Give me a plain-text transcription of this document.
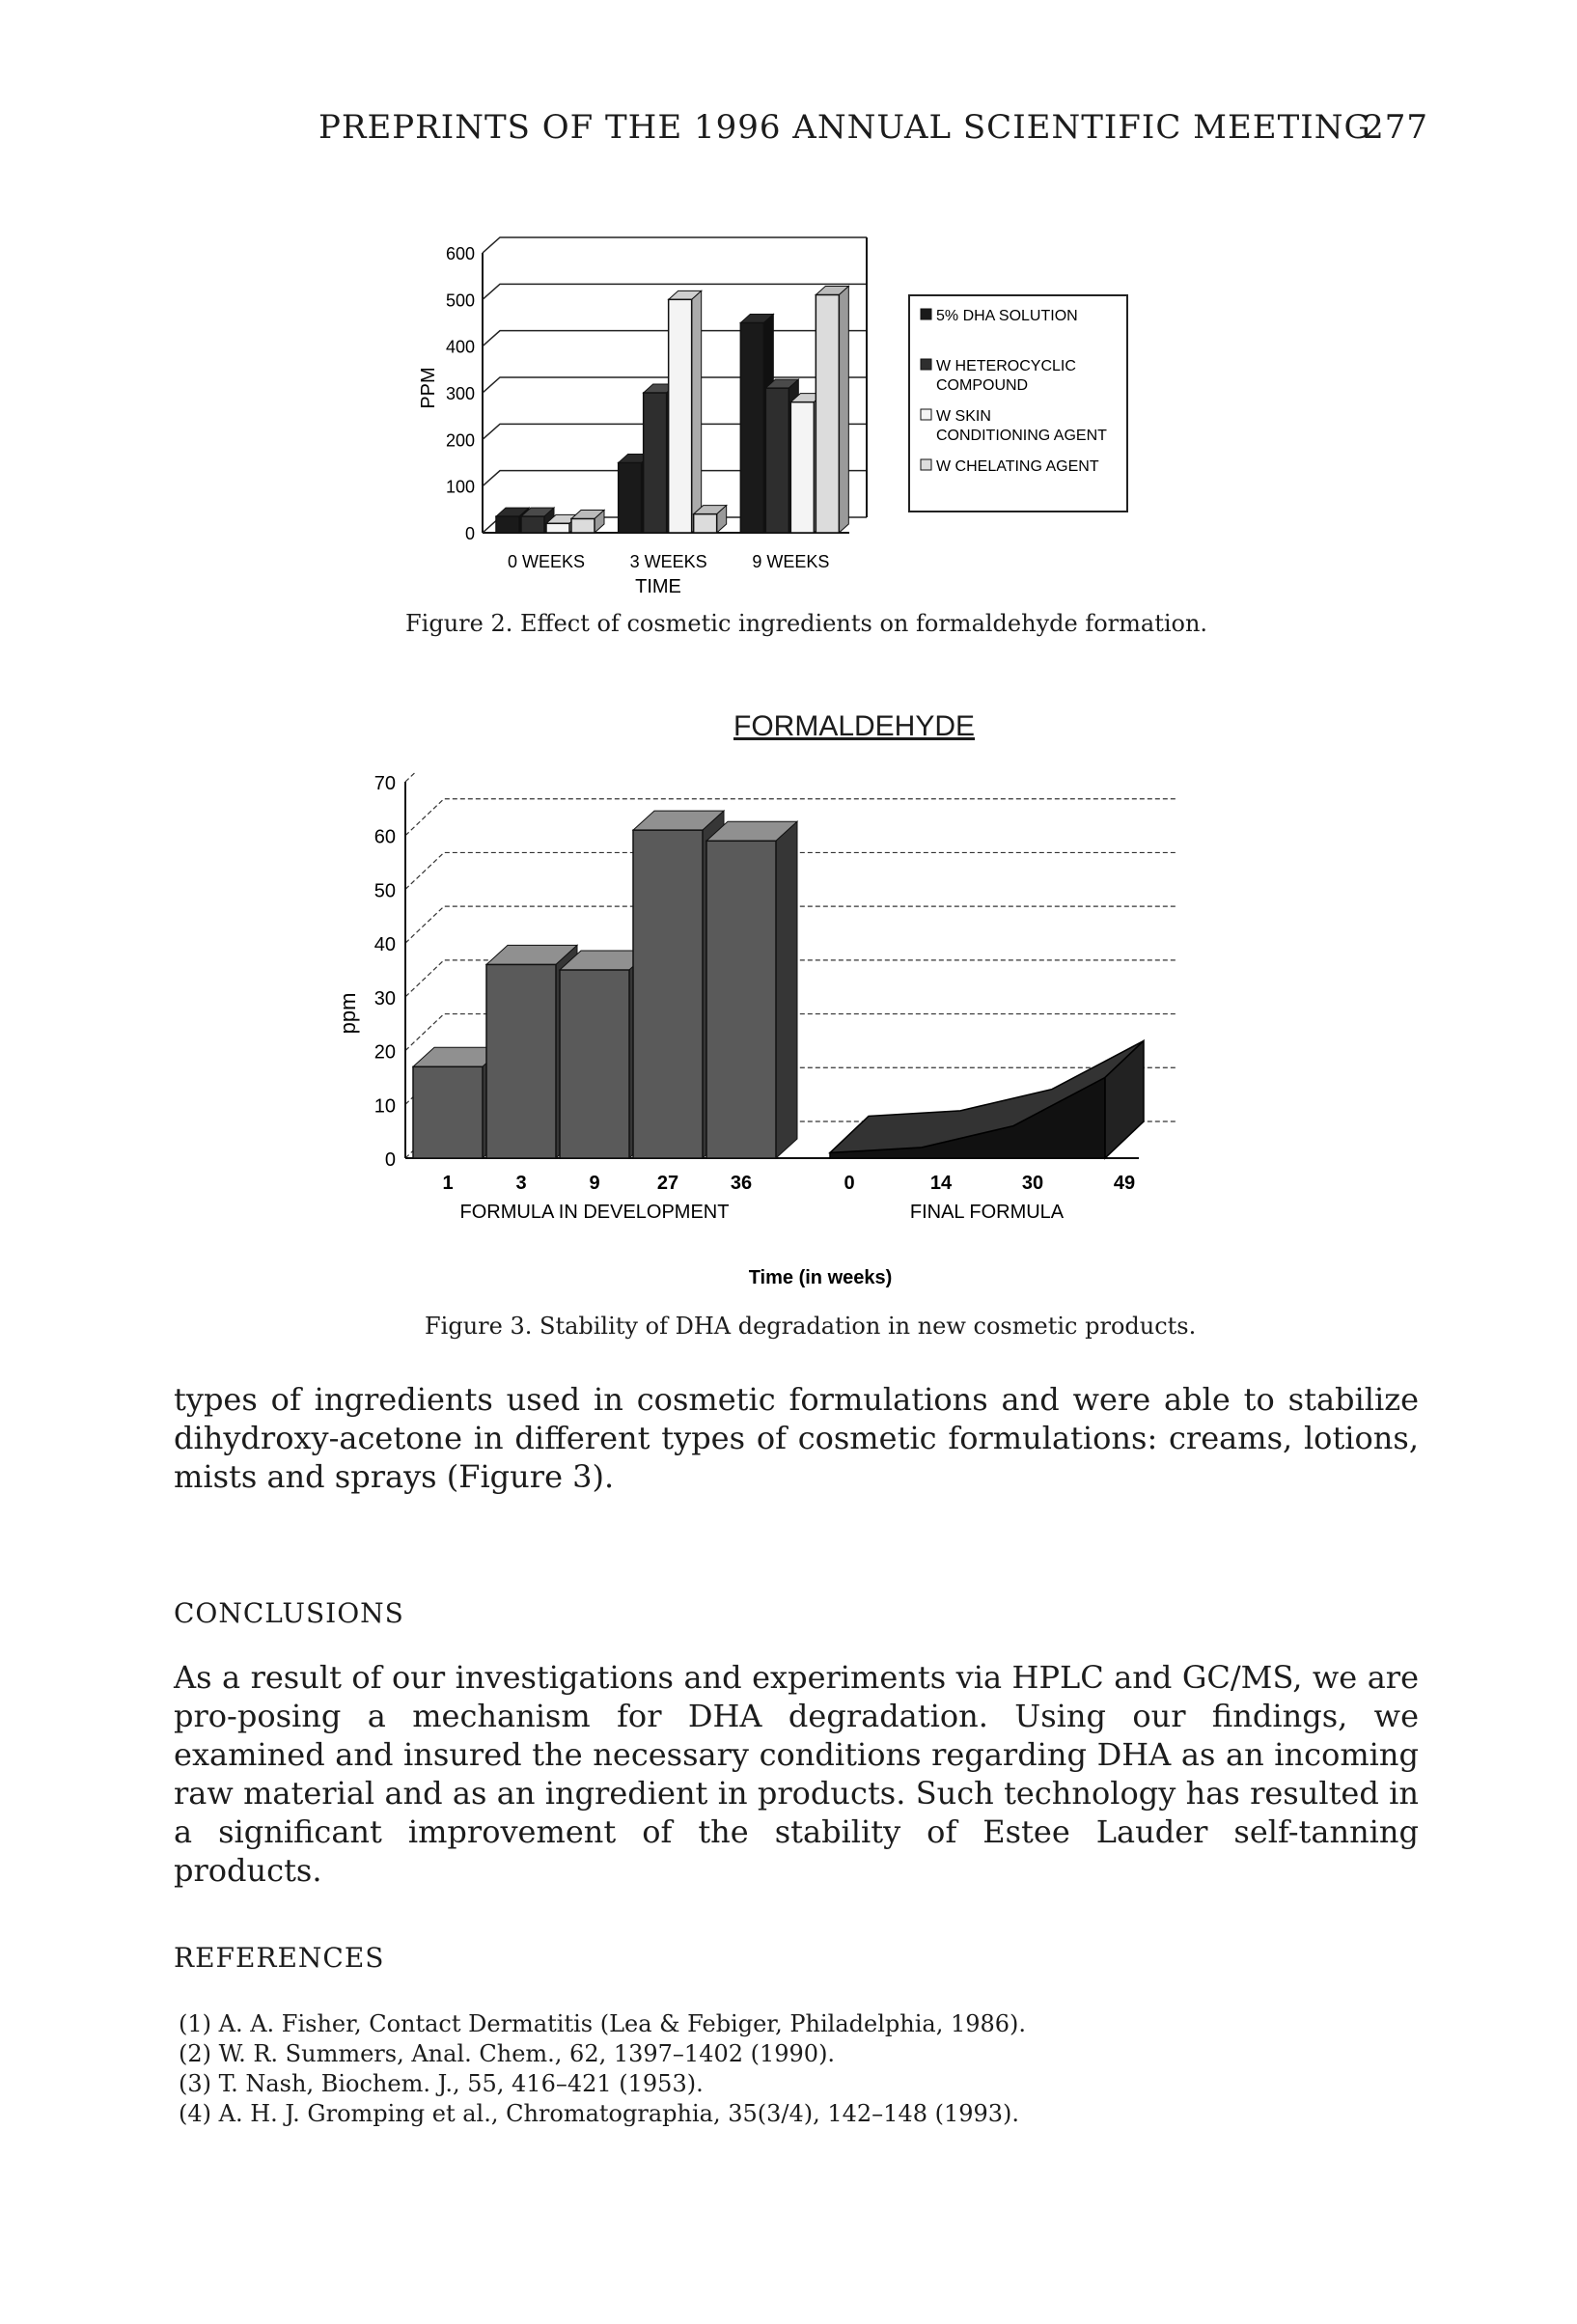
PREPRINTS OF THE 1996 ANNUAL SCIENTIFIC MEETING
277
0
100
200
300
400
500
600
0 WEEKS	3 WEEKS	9 WEEKS
PPM
TIME
5% DHA SOLUTION
W HETEROCYCLIC COMPOUND
W SKIN CONDITIONING AGENT
W CHELATING AGENT
Figure 2. Effect of cosmetic ingredients on formaldehyde formation.
FORMALDEHYDE
0
10
20
30
40
50
60
70
1	3	9	27	36
FORMULA IN DEVELOPMENT
0	14	30	49
FINAL FORMULA
ppm
Time (in weeks)
Figure 3. Stability of DHA degradation in new cosmetic products.

types of ingredients used in cosmetic formulations and were able to stabilize dihydroxy-acetone in different types of cosmetic formulations: creams, lotions, mists and sprays (Figure 3).

CONCLUSIONS

As a result of our investigations and experiments via HPLC and GC/MS, we are pro-posing a mechanism for DHA degradation. Using our findings, we examined and insured the necessary conditions regarding DHA as an incoming raw material and as an ingredient in products. Such technology has resulted in a significant improvement of the stability of Estee Lauder self-tanning products.

REFERENCES
(1) A. A. Fisher, Contact Dermatitis (Lea & Febiger, Philadelphia, 1986).
(2) W. R. Summers, Anal. Chem., 62, 1397–1402 (1990).
(3) T. Nash, Biochem. J., 55, 416–421 (1953).
(4) A. H. J. Gromping et al., Chromatographia, 35(3/4), 142–148 (1993).
